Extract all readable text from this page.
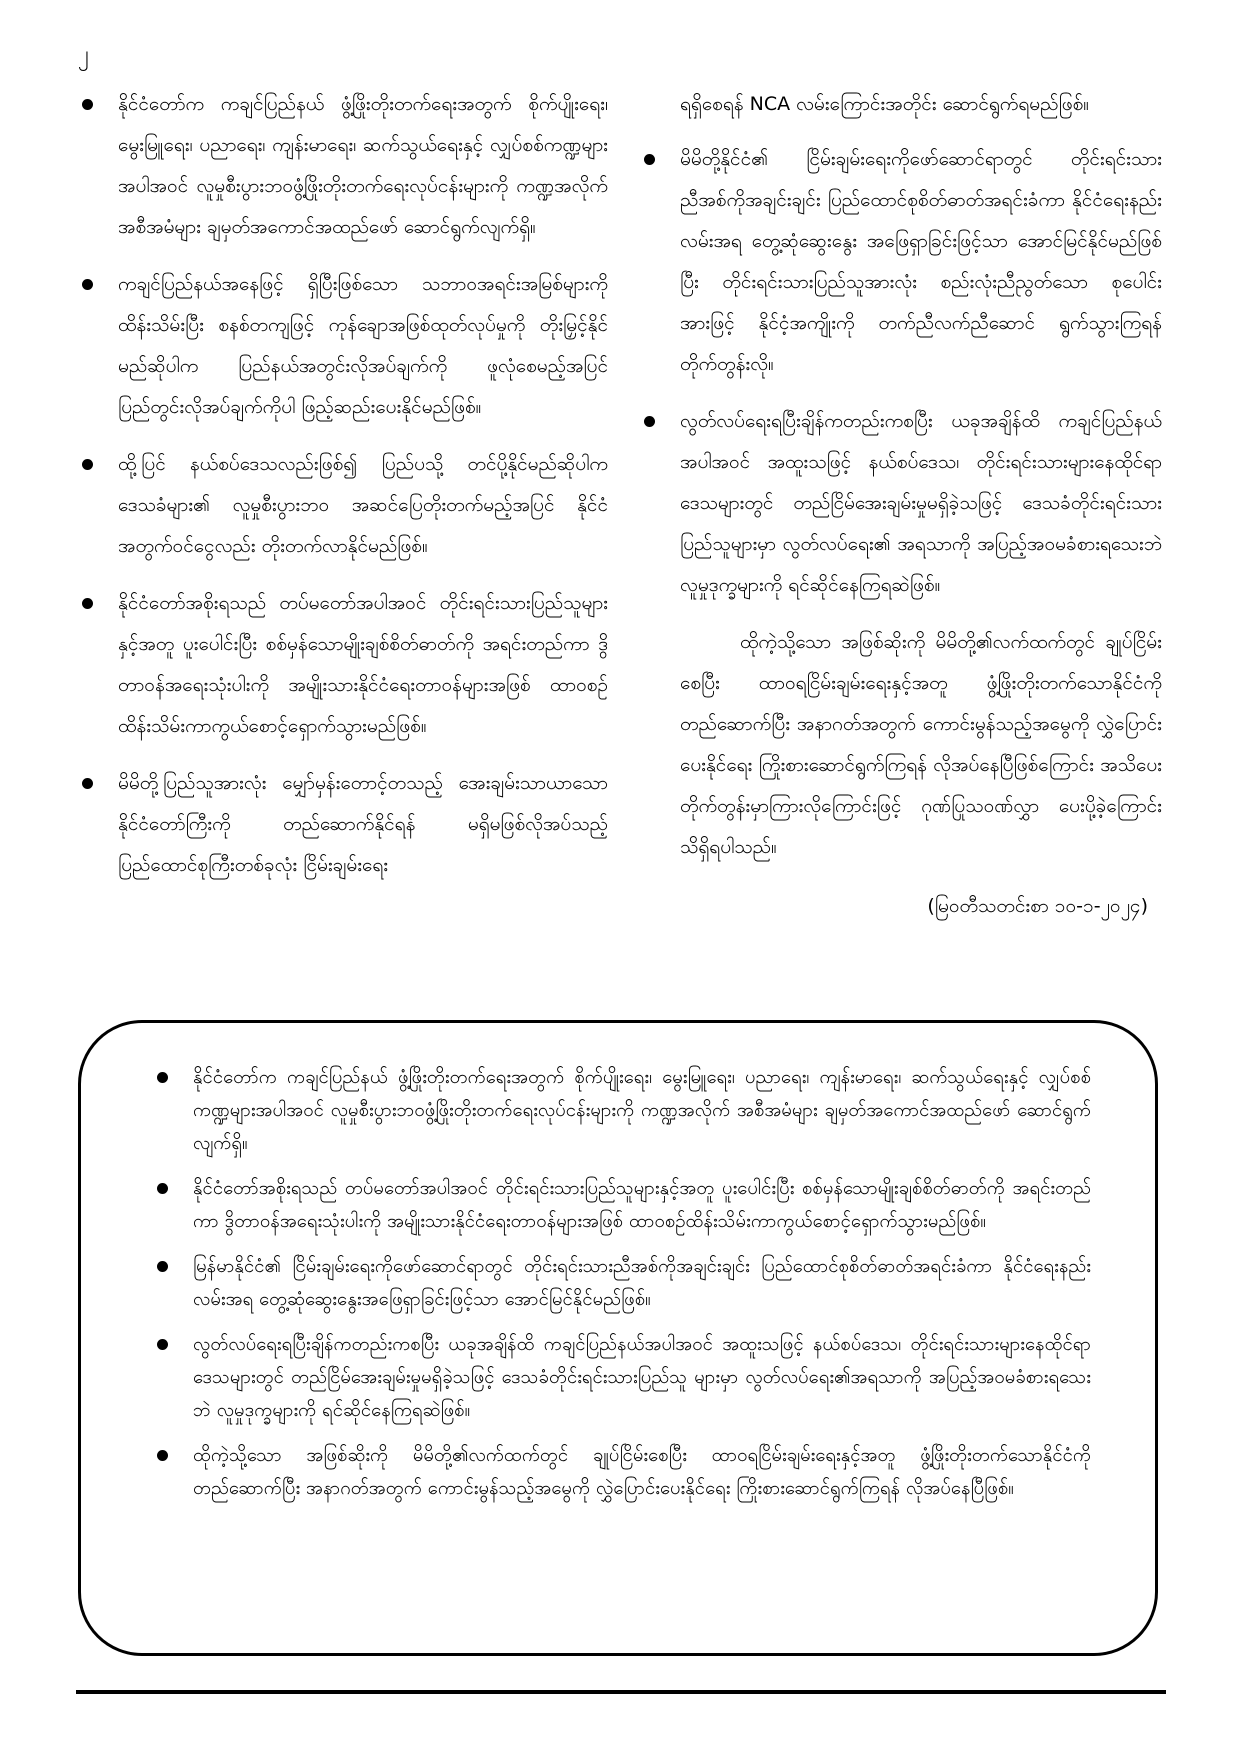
၂
နိုင်ငံတော်က ကချင်ပြည်နယ် ဖွံ့ဖြိုးတိုးတက်ရေးအတွက် စိုက်ပျိုးရေး၊ မွေးမြူရေး၊ ပညာရေး၊ ကျန်းမာရေး၊ ဆက်သွယ်ရေးနှင့် လျှပ်စစ်ကဏ္ဍများအပါအဝင် လူမှုစီးပွားဘဝဖွံ့ဖြိုးတိုးတက်ရေးလုပ်ငန်းများကို ကဏ္ဍအလိုက် အစီအမံများ ချမှတ်အကောင်အထည်ဖော် ဆောင်ရွက်လျက်ရှိ။
ကချင်ပြည်နယ်အနေဖြင့် ရှိပြီးဖြစ်သော သဘာဝအရင်းအမြစ်များကို ထိန်းသိမ်းပြီး စနစ်တကျဖြင့် ကုန်ချောအဖြစ်ထုတ်လုပ်မှုကို တိုးမြှင့်နိုင်မည်ဆိုပါက ပြည်နယ်အတွင်းလိုအပ်ချက်ကို ဖူလုံစေမည့်အပြင် ပြည်တွင်းလိုအပ်ချက်ကိုပါ ဖြည့်ဆည်းပေးနိုင်မည်ဖြစ်။
ထို့ပြင် နယ်စပ်ဒေသလည်းဖြစ်၍ ပြည်ပသို့ တင်ပို့နိုင်မည်ဆိုပါက ဒေသခံများ၏ လူမှုစီးပွားဘဝ အဆင်ပြေတိုးတက်မည့်အပြင် နိုင်ငံအတွက်ဝင်ငွေလည်း တိုးတက်လာနိုင်မည်ဖြစ်။
နိုင်ငံတော်အစိုးရသည် တပ်မတော်အပါအဝင် တိုင်းရင်းသားပြည်သူများနှင့်အတူ ပူးပေါင်းပြီး စစ်မှန်သောမျိုးချစ်စိတ်ဓာတ်ကို အရင်းတည်ကာ ဒွိတာဝန်အရေးသုံးပါးကို အမျိုးသားနိုင်ငံရေးတာဝန်များအဖြစ် ထာဝစဉ်ထိန်းသိမ်းကာကွယ်စောင့်ရှောက်သွားမည်ဖြစ်။
မိမိတို့ပြည်သူအားလုံး မျှော်မှန်းတောင့်တသည့် အေးချမ်းသာယာသော နိုင်ငံတော်ကြီးကို တည်ဆောက်နိုင်ရန် မရှိမဖြစ်လိုအပ်သည့် ပြည်ထောင်စုကြီးတစ်ခုလုံး ငြိမ်းချမ်းရေး
ရရှိစေရန် NCA လမ်းကြောင်းအတိုင်း ဆောင်ရွက်ရမည်ဖြစ်။
မိမိတို့နိုင်ငံ၏ ငြိမ်းချမ်းရေးကိုဖော်ဆောင်ရာတွင် တိုင်းရင်းသားညီအစ်ကိုအချင်းချင်း ပြည်ထောင်စုစိတ်ဓာတ်အရင်းခံကာ နိုင်ငံရေးနည်းလမ်းအရ တွေ့ဆုံဆွေးနွေး အဖြေရှာခြင်းဖြင့်သာ အောင်မြင်နိုင်မည်ဖြစ်ပြီး တိုင်းရင်းသားပြည်သူအားလုံး စည်းလုံးညီညွတ်သော စုပေါင်းအားဖြင့် နိုင်ငံ့အကျိုးကို တက်ညီလက်ညီဆောင် ရွက်သွားကြရန် တိုက်တွန်းလို။
လွတ်လပ်ရေးရပြီးချိန်ကတည်းကစပြီး ယခုအချိန်ထိ ကချင်ပြည်နယ်အပါအဝင် အထူးသဖြင့် နယ်စပ်ဒေသ၊ တိုင်းရင်းသားများနေထိုင်ရာဒေသများတွင် တည်ငြိမ်အေးချမ်းမှုမရှိခဲ့သဖြင့် ဒေသခံတိုင်းရင်းသားပြည်သူများမှာ လွတ်လပ်ရေး၏ အရသာကို အပြည့်အဝမခံစားရသေးဘဲ လူမှုဒုက္ခများကို ရင်ဆိုင်နေကြရဆဲဖြစ်။

ထိုကဲ့သို့သော အဖြစ်ဆိုးကို မိမိတို့၏လက်ထက်တွင် ချုပ်ငြိမ်းစေပြီး ထာဝရငြိမ်းချမ်းရေးနှင့်အတူ ဖွံ့ဖြိုးတိုးတက်သောနိုင်ငံကို တည်ဆောက်ပြီး အနာဂတ်အတွက် ကောင်းမွန်သည့်အမွေကို လွှဲပြောင်းပေးနိုင်ရေး ကြိုးစားဆောင်ရွက်ကြရန် လိုအပ်နေပြီဖြစ်ကြောင်း အသိပေးတိုက်တွန်းမှာကြားလိုကြောင်းဖြင့် ဂုဏ်ပြုသဝဏ်လွှာ ပေးပို့ခဲ့ကြောင်း သိရှိရပါသည်။

(မြဝတီသတင်းစာ ၁၀-၁-၂၀၂၄)
နိုင်ငံတော်က ကချင်ပြည်နယ် ဖွံ့ဖြိုးတိုးတက်ရေးအတွက် စိုက်ပျိုးရေး၊ မွေးမြူရေး၊ ပညာရေး၊ ကျန်းမာရေး၊ ဆက်သွယ်ရေးနှင့် လျှပ်စစ်ကဏ္ဍများအပါအဝင် လူမှုစီးပွားဘဝဖွံ့ဖြိုးတိုးတက်ရေးလုပ်ငန်းများကို ကဏ္ဍအလိုက် အစီအမံများ ချမှတ်အကောင်အထည်ဖော် ဆောင်ရွက်လျက်ရှိ။
နိုင်ငံတော်အစိုးရသည် တပ်မတော်အပါအဝင် တိုင်းရင်းသားပြည်သူများနှင့်အတူ ပူးပေါင်းပြီး စစ်မှန်သောမျိုးချစ်စိတ်ဓာတ်ကို အရင်းတည်ကာ ဒွိတာဝန်အရေးသုံးပါးကို အမျိုးသားနိုင်ငံရေးတာဝန်များအဖြစ် ထာဝစဉ်ထိန်းသိမ်းကာကွယ်စောင့်ရှောက်သွားမည်ဖြစ်။
မြန်မာနိုင်ငံ၏ ငြိမ်းချမ်းရေးကိုဖော်ဆောင်ရာတွင် တိုင်းရင်းသားညီအစ်ကိုအချင်းချင်း ပြည်ထောင်စုစိတ်ဓာတ်အရင်းခံကာ နိုင်ငံရေးနည်းလမ်းအရ တွေ့ဆုံဆွေးနွေးအဖြေရှာခြင်းဖြင့်သာ အောင်မြင်နိုင်မည်ဖြစ်။
လွတ်လပ်ရေးရပြီးချိန်ကတည်းကစပြီး ယခုအချိန်ထိ ကချင်ပြည်နယ်အပါအဝင် အထူးသဖြင့် နယ်စပ်ဒေသ၊ တိုင်းရင်းသားများနေထိုင်ရာဒေသများတွင် တည်ငြိမ်အေးချမ်းမှုမရှိခဲ့သဖြင့် ဒေသခံတိုင်းရင်းသားပြည်သူ များမှာ လွတ်လပ်ရေး၏အရသာကို အပြည့်အဝမခံစားရသေးဘဲ လူမှုဒုက္ခများကို ရင်ဆိုင်နေကြရဆဲဖြစ်။
ထိုကဲ့သို့သော အဖြစ်ဆိုးကို မိမိတို့၏လက်ထက်တွင် ချုပ်ငြိမ်းစေပြီး ထာဝရငြိမ်းချမ်းရေးနှင့်အတူ ဖွံ့ဖြိုးတိုးတက်သောနိုင်ငံကို တည်ဆောက်ပြီး အနာဂတ်အတွက် ကောင်းမွန်သည့်အမွေကို လွှဲပြောင်းပေးနိုင်ရေး ကြိုးစားဆောင်ရွက်ကြရန် လိုအပ်နေပြီဖြစ်။
